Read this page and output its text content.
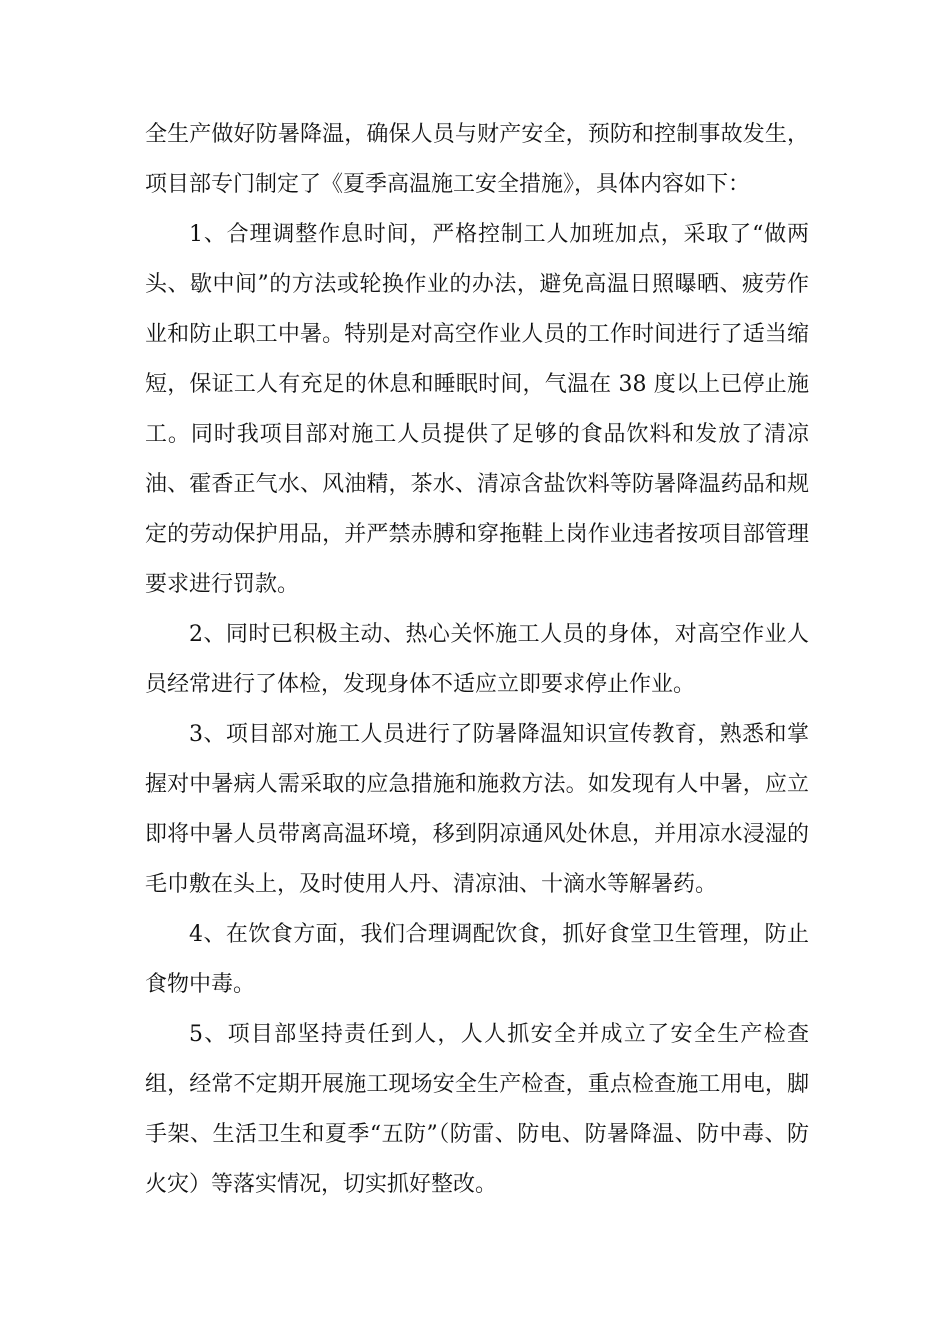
全生产做好防暑降温，确保人员与财产安全，预防和控制事故发生，项目部专门制定了《夏季高温施工安全措施》，具体内容如下：

1、合理调整作息时间，严格控制工人加班加点，采取了“做两头、歇中间”的方法或轮换作业的办法，避免高温日照曝晒、疲劳作业和防止职工中暑。特别是对高空作业人员的工作时间进行了适当缩短，保证工人有充足的休息和睡眠时间，气温在 38 度以上已停止施工。同时我项目部对施工人员提供了足够的食品饮料和发放了清凉油、霍香正气水、风油精，茶水、清凉含盐饮料等防暑降温药品和规定的劳动保护用品，并严禁赤膊和穿拖鞋上岗作业违者按项目部管理要求进行罚款。

2、同时已积极主动、热心关怀施工人员的身体，对高空作业人员经常进行了体检，发现身体不适应立即要求停止作业。

3、项目部对施工人员进行了防暑降温知识宣传教育，熟悉和掌握对中暑病人需采取的应急措施和施救方法。如发现有人中暑，应立即将中暑人员带离高温环境，移到阴凉通风处休息，并用凉水浸湿的毛巾敷在头上，及时使用人丹、清凉油、十滴水等解暑药。

4、在饮食方面，我们合理调配饮食，抓好食堂卫生管理，防止食物中毒。

5、项目部坚持责任到人，人人抓安全并成立了安全生产检查组，经常不定期开展施工现场安全生产检查，重点检查施工用电，脚手架、生活卫生和夏季“五防”（防雷、防电、防暑降温、防中毒、防火灾）等落实情况，切实抓好整改。
